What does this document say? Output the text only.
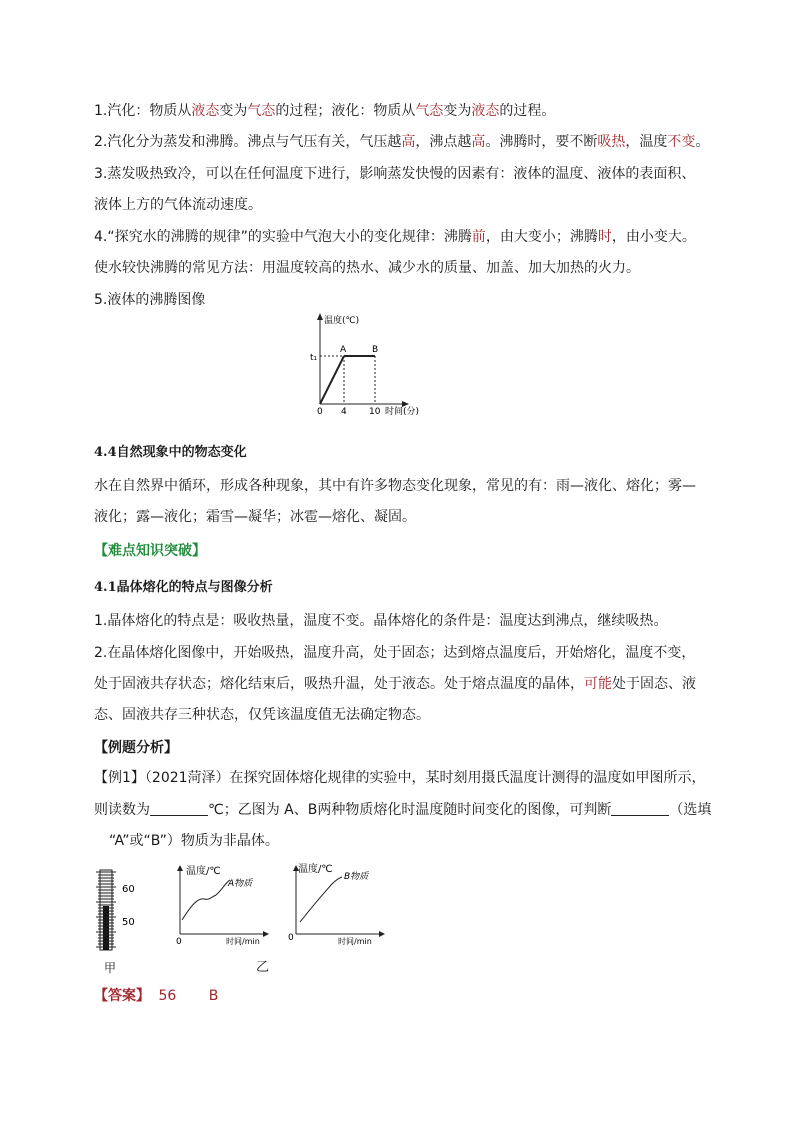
1.汽化：物质从液态变为气态的过程；液化：物质从气态变为液态的过程。
2.汽化分为蒸发和沸腾。沸点与气压有关，气压越高，沸点越高。沸腾时，要不断吸热，温度不变。
3.蒸发吸热致冷，可以在任何温度下进行，影响蒸发快慢的因素有：液体的温度、液体的表面积、
液体上方的气体流动速度。
4.“探究水的沸腾的规律”的实验中气泡大小的变化规律：沸腾前，由大变小；沸腾时，由小变大。
使水较快沸腾的常见方法：用温度较高的热水、减少水的质量、加盖、加大加热的火力。
5.液体的沸腾图像
温度(℃)
t₁
A	B
0 4 10 时间(分)
4.4自然现象中的物态变化
水在自然界中循环，形成各种现象，其中有许多物态变化现象，常见的有：雨—液化、熔化；雾—
液化；露—液化；霜雪—凝华；冰雹—熔化、凝固。
【难点知识突破】
4.1晶体熔化的特点与图像分析
1.晶体熔化的特点是：吸收热量，温度不变。晶体熔化的条件是：温度达到沸点，继续吸热。
2.在晶体熔化图像中，开始吸热，温度升高，处于固态；达到熔点温度后，开始熔化，温度不变，
处于固液共存状态；熔化结束后，吸热升温，处于液态。处于熔点温度的晶体，可能处于固态、液
态、固液共存三种状态，仅凭该温度值无法确定物态。
【例题分析】
【例1】（2021菏泽）在探究固体熔化规律的实验中，某时刻用摄氏温度计测得的温度如甲图所示，
则读数为	℃；乙图为 A、B两种物质熔化时温度随时间变化的图像，可判断	（选填
“A”或“B”）物质为非晶体。
60
50
甲	乙
温度/℃
A物质
0	时间/min
温度/℃
B物质
0	时间/min
【答案】 56 B
